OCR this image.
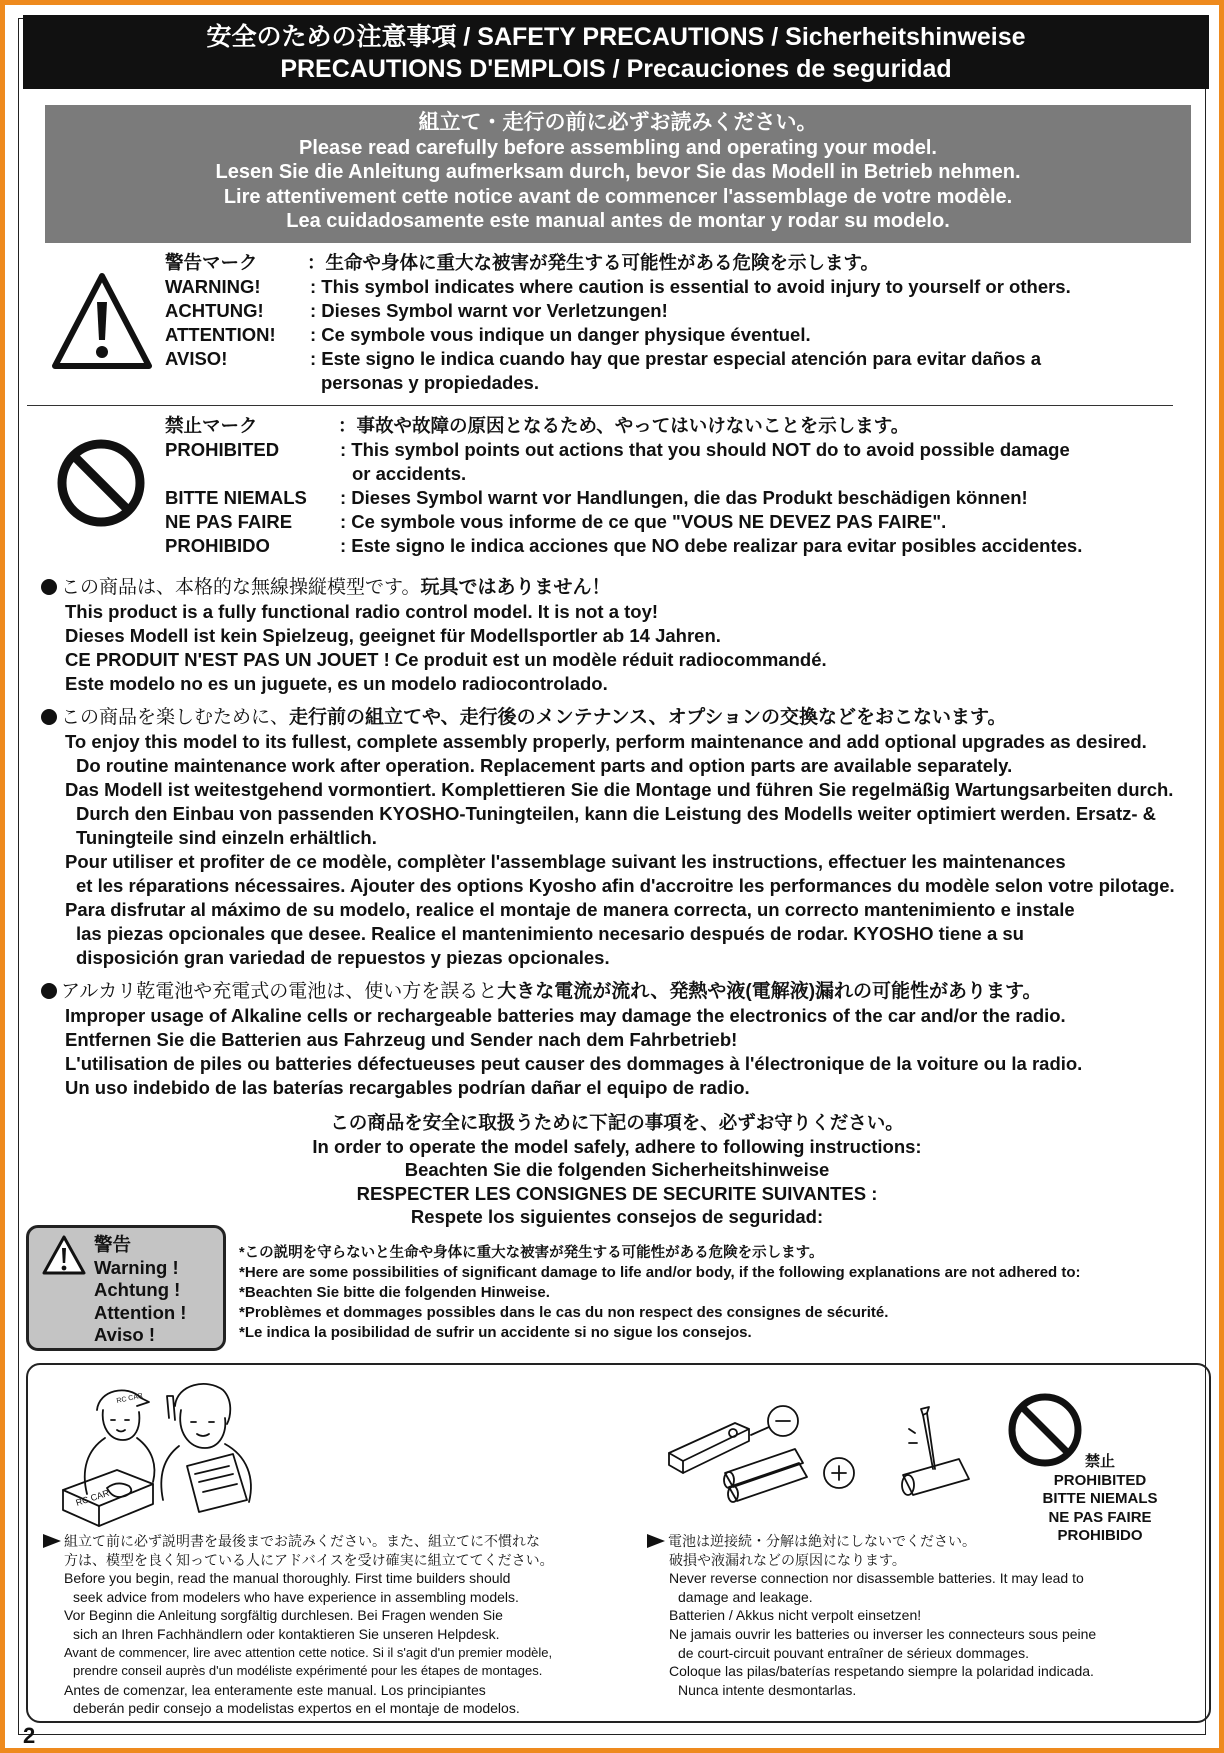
安全のための注意事項 / SAFETY PRECAUTIONS / Sicherheitshinweise
PRECAUTIONS D'EMPLOIS / Precauciones de seguridad
組立て・走行の前に必ずお読みください。
Please read carefully before assembling and operating your model.
Lesen Sie die Anleitung aufmerksam durch, bevor Sie das Modell in Betrieb nehmen.
Lire attentivement cette notice avant de commencer l'assemblage de votre modèle.
Lea cuidadosamente este manual antes de montar y rodar su modelo.
警告マーク	：生命や身体に重大な被害が発生する可能性がある危険を示します。
WARNING!	: This symbol indicates where caution is essential to avoid injury to yourself or others.
ACHTUNG!	: Dieses Symbol warnt vor Verletzungen!
ATTENTION! : Ce symbole vous indique un danger physique éventuel.
AVISO!	: Este signo le indica cuando hay que prestar especial atención para evitar daños a
personas y propiedades.
禁止マーク	：事故や故障の原因となるため、やってはいけないことを示します。
PROHIBITED	: This symbol points out actions that you should NOT do to avoid possible damage
or accidents.
BITTE NIEMALS : Dieses Symbol warnt vor Handlungen, die das Produkt beschädigen können!
NE PAS FAIRE	: Ce symbole vous informe de ce que "VOUS NE DEVEZ PAS FAIRE".
PROHIBIDO	: Este signo le indica acciones que NO debe realizar para evitar posibles accidentes.
この商品は、本格的な無線操縦模型です。玩具ではありません！
This product is a fully functional radio control model. It is not a toy!
Dieses Modell ist kein Spielzeug, geeignet für Modellsportler ab 14 Jahren.
CE PRODUIT N'EST PAS UN JOUET ! Ce produit est un modèle réduit radiocommandé.
Este modelo no es un juguete, es un modelo radiocontrolado.
この商品を楽しむために、走行前の組立てや、走行後のメンテナンス、オプションの交換などをおこないます。
To enjoy this model to its fullest, complete assembly properly, perform maintenance and add optional upgrades as desired.
Do routine maintenance work after operation. Replacement parts and option parts are available separately.
Das Modell ist weitestgehend vormontiert. Komplettieren Sie die Montage und führen Sie regelmäßig Wartungsarbeiten durch.
Durch den Einbau von passenden KYOSHO-Tuningteilen, kann die Leistung des Modells weiter optimiert werden. Ersatz- &
Tuningteile sind einzeln erhältlich.
Pour utiliser et profiter de ce modèle, complèter l'assemblage suivant les instructions, effectuer les maintenances
et les réparations nécessaires. Ajouter des options Kyosho afin d'accroitre les performances du modèle selon votre pilotage.
Para disfrutar al máximo de su modelo, realice el montaje de manera correcta, un correcto mantenimiento e instale
las piezas opcionales que desee. Realice el mantenimiento necesario después de rodar. KYOSHO tiene a su
disposición gran variedad de repuestos y piezas opcionales.
アルカリ乾電池や充電式の電池は、使い方を誤ると大きな電流が流れ、発熱や液(電解液)漏れの可能性があります。
Improper usage of Alkaline cells or rechargeable batteries may damage the electronics of the car and/or the radio.
Entfernen Sie die Batterien aus Fahrzeug und Sender nach dem Fahrbetrieb!
L'utilisation de piles ou batteries défectueuses peut causer des dommages à l'électronique de la voiture ou la radio.
Un uso indebido de las baterías recargables podrían dañar el equipo de radio.
この商品を安全に取扱うために下記の事項を、必ずお守りください。
In order to operate the model safely, adhere to following instructions:
Beachten Sie die folgenden Sicherheitshinweise
RESPECTER LES CONSIGNES DE SECURITE SUIVANTES :
Respete los siguientes consejos de seguridad:
警告
Warning !
Achtung !
Attention !
Aviso !
*この説明を守らないと生命や身体に重大な被害が発生する可能性がある危険を示します。
*Here are some possibilities of significant damage to life and/or body, if the following explanations are not adhered to:
*Beachten Sie bitte die folgenden Hinweise.
*Problèmes et dommages possibles dans le cas du non respect des consignes de sécurité.
*Le indica la posibilidad de sufrir un accidente si no sigue los consejos.
RC CAR
RC CAR
禁止
PROHIBITED
BITTE NIEMALS
NE PAS FAIRE
PROHIBIDO
組立て前に必ず説明書を最後までお読みください。また、組立てに不慣れな
方は、模型を良く知っている人にアドバイスを受け確実に組立ててください。
Before you begin, read the manual thoroughly. First time builders should
seek advice from modelers who have experience in assembling models.
Vor Beginn die Anleitung sorgfältig durchlesen. Bei Fragen wenden Sie
sich an Ihren Fachhändlern oder kontaktieren Sie unseren Helpdesk.
Avant de commencer, lire avec attention cette notice. Si il s'agit d'un premier modèle,
prendre conseil auprès d'un modéliste expérimenté pour les étapes de montages.
Antes de comenzar, lea enteramente este manual. Los principiantes
deberán pedir consejo a modelistas expertos en el montaje de modelos.
電池は逆接続・分解は絶対にしないでください。
破損や液漏れなどの原因になります。
Never reverse connection nor disassemble batteries. It may lead to
damage and leakage.
Batterien / Akkus nicht verpolt einsetzen!
Ne jamais ouvrir les batteries ou inverser les connecteurs sous peine
de court-circuit pouvant entraîner de sérieux dommages.
Coloque las pilas/baterías respetando siempre la polaridad indicada.
Nunca intente desmontarlas.
2
